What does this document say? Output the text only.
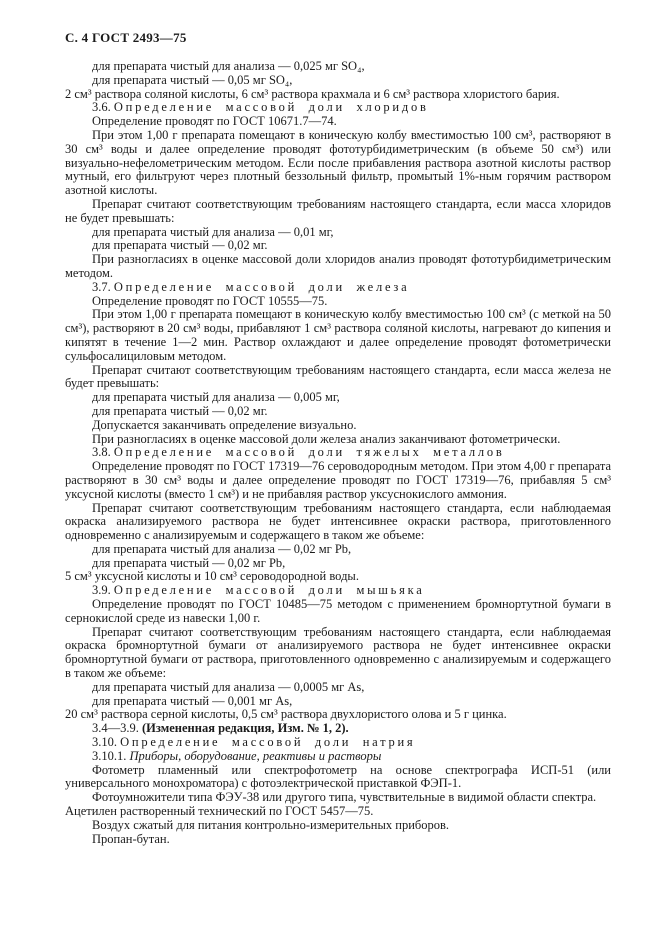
С. 4 ГОСТ 2493—75

для препарата чистый для анализа — 0,025 мг SO₄,

для препарата чистый — 0,05 мг SO₄,

2 см³ раствора соляной кислоты, 6 см³ раствора крахмала и 6 см³ раствора хлористого бария.

3.6. Определение массовой доли хлоридов

Определение проводят по ГОСТ 10671.7—74.

При этом 1,00 г препарата помещают в коническую колбу вместимостью 100 см³, растворяют в 30 см³ воды и далее определение проводят фототурбидиметрическим (в объеме 50 см³) или визуально-нефелометрическим методом. Если после прибавления раствора азотной кислоты раствор мутный, его фильтруют через плотный беззольный фильтр, промытый 1%-ным горячим раствором азотной кислоты.

Препарат считают соответствующим требованиям настоящего стандарта, если масса хлоридов не будет превышать:

для препарата чистый для анализа — 0,01 мг,

для препарата чистый — 0,02 мг.

При разногласиях в оценке массовой доли хлоридов анализ проводят фототурбидиметрическим методом.

3.7. Определение массовой доли железа

Определение проводят по ГОСТ 10555—75.

При этом 1,00 г препарата помещают в коническую колбу вместимостью 100 см³ (с меткой на 50 см³), растворяют в 20 см³ воды, прибавляют 1 см³ раствора соляной кислоты, нагревают до кипения и кипятят в течение 1—2 мин. Раствор охлаждают и далее определение проводят фотометрически сульфосалициловым методом.

Препарат считают соответствующим требованиям настоящего стандарта, если масса железа не будет превышать:

для препарата чистый для анализа — 0,005 мг,

для препарата чистый — 0,02 мг.

Допускается заканчивать определение визуально.

При разногласиях в оценке массовой доли железа анализ заканчивают фотометрически.

3.8. Определение массовой доли тяжелых металлов

Определение проводят по ГОСТ 17319—76 сероводородным методом. При этом 4,00 г препарата растворяют в 30 см³ воды и далее определение проводят по ГОСТ 17319—76, прибавляя 5 см³ уксусной кислоты (вместо 1 см³) и не прибавляя раствор уксуснокислого аммония.

Препарат считают соответствующим требованиям настоящего стандарта, если наблюдаемая окраска анализируемого раствора не будет интенсивнее окраски раствора, приготовленного одновременно с анализируемым и содержащего в таком же объеме:

для препарата чистый для анализа — 0,02 мг Pb,

для препарата чистый — 0,02 мг Pb,

5 см³ уксусной кислоты и 10 см³ сероводородной воды.

3.9. Определение массовой доли мышьяка

Определение проводят по ГОСТ 10485—75 методом с применением бромнортутной бумаги в сернокислой среде из навески 1,00 г.

Препарат считают соответствующим требованиям настоящего стандарта, если наблюдаемая окраска бромнортутной бумаги от анализируемого раствора не будет интенсивнее окраски бромнортутной бумаги от раствора, приготовленного одновременно с анализируемым и содержащего в таком же объеме:

для препарата чистый для анализа — 0,0005 мг As,

для препарата чистый — 0,001 мг As,

20 см³ раствора серной кислоты, 0,5 см³ раствора двухлористого олова и 5 г цинка.

3.4—3.9. (Измененная редакция, Изм. № 1, 2).

3.10. Определение массовой доли натрия

3.10.1. Приборы, оборудование, реактивы и растворы

Фотометр пламенный или спектрофотометр на основе спектрографа ИСП-51 (или универсального монохроматора) с фотоэлектрической приставкой ФЭП-1.

Фотоумножители типа ФЭУ-38 или другого типа, чувствительные в видимой области спектра.

Ацетилен растворенный технический по ГОСТ 5457—75.

Воздух сжатый для питания контрольно-измерительных приборов.

Пропан-бутан.
